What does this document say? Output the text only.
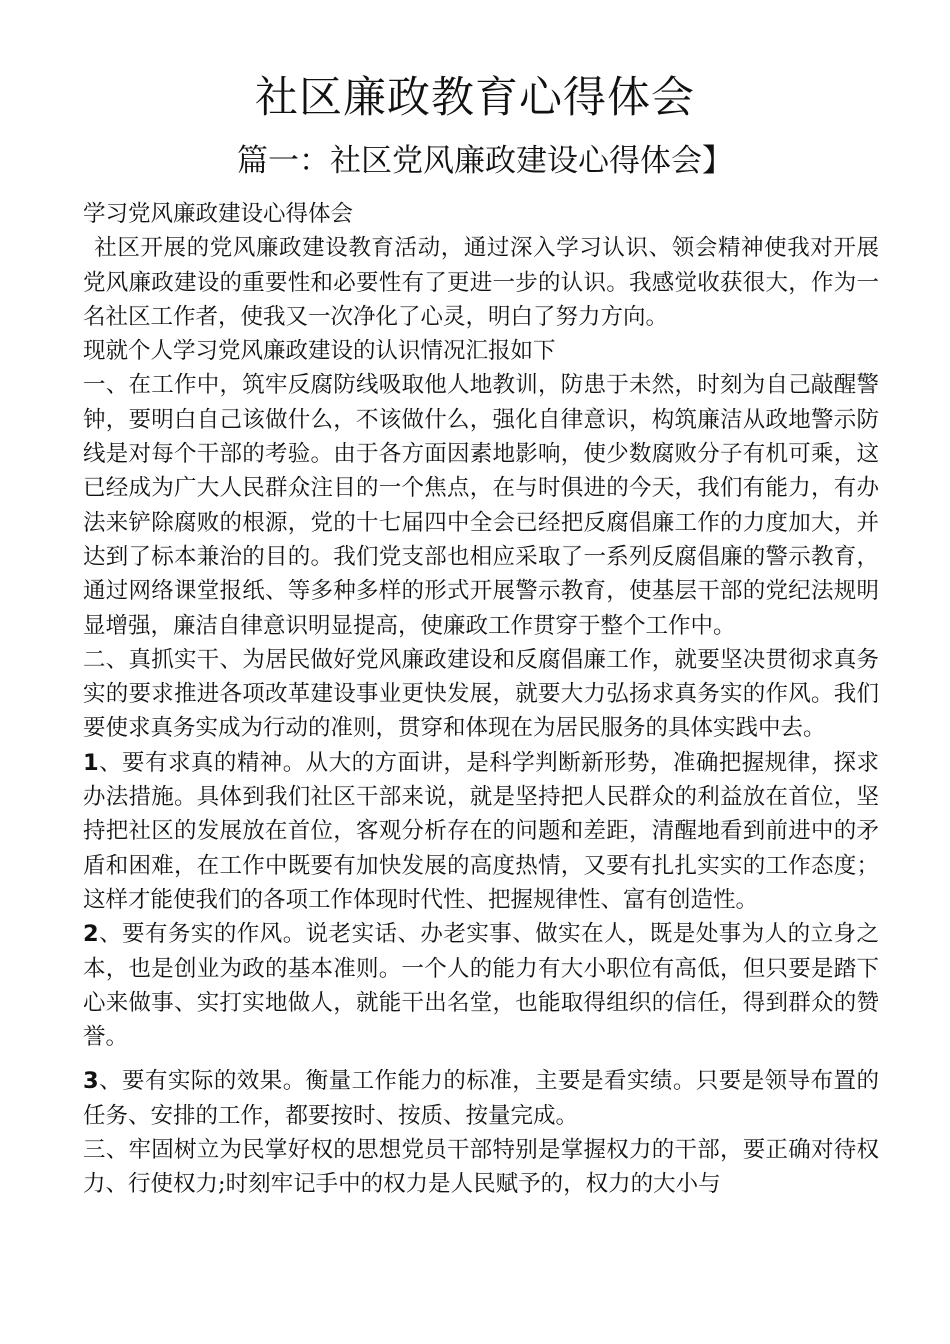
社区廉政教育心得体会
篇一：社区党风廉政建设心得体会】

学习党风廉政建设心得体会

社区开展的党风廉政建设教育活动，通过深入学习认识、领会精神使我对开展党风廉政建设的重要性和必要性有了更进一步的认识。我感觉收获很大，作为一名社区工作者，使我又一次净化了心灵，明白了努力方向。

现就个人学习党风廉政建设的认识情况汇报如下

一、在工作中，筑牢反腐防线吸取他人地教训，防患于未然，时刻为自己敲醒警钟，要明白自己该做什么，不该做什么，强化自律意识，构筑廉洁从政地警示防线是对每个干部的考验。由于各方面因素地影响，使少数腐败分子有机可乘，这已经成为广大人民群众注目的一个焦点，在与时俱进的今天，我们有能力，有办法来铲除腐败的根源，党的十七届四中全会已经把反腐倡廉工作的力度加大，并达到了标本兼治的目的。我们党支部也相应采取了一系列反腐倡廉的警示教育，通过网络课堂报纸、等多种多样的形式开展警示教育，使基层干部的党纪法规明显增强，廉洁自律意识明显提高，使廉政工作贯穿于整个工作中。

二、真抓实干、为居民做好党风廉政建设和反腐倡廉工作，就要坚决贯彻求真务实的要求推进各项改革建设事业更快发展，就要大力弘扬求真务实的作风。我们要使求真务实成为行动的准则，贯穿和体现在为居民服务的具体实践中去。

1、要有求真的精神。从大的方面讲，是科学判断新形势，准确把握规律，探求办法措施。具体到我们社区干部来说，就是坚持把人民群众的利益放在首位，坚持把社区的发展放在首位，客观分析存在的问题和差距，清醒地看到前进中的矛盾和困难，在工作中既要有加快发展的高度热情，又要有扎扎实实的工作态度；这样才能使我们的各项工作体现时代性、把握规律性、富有创造性。

2、要有务实的作风。说老实话、办老实事、做实在人，既是处事为人的立身之本，也是创业为政的基本准则。一个人的能力有大小职位有高低，但只要是踏下心来做事、实打实地做人，就能干出名堂，也能取得组织的信任，得到群众的赞誉。

3、要有实际的效果。衡量工作能力的标准，主要是看实绩。只要是领导布置的任务、安排的工作，都要按时、按质、按量完成。

三、牢固树立为民掌好权的思想党员干部特别是掌握权力的干部，要正确对待权力、行使权力;时刻牢记手中的权力是人民赋予的，权力的大小与
